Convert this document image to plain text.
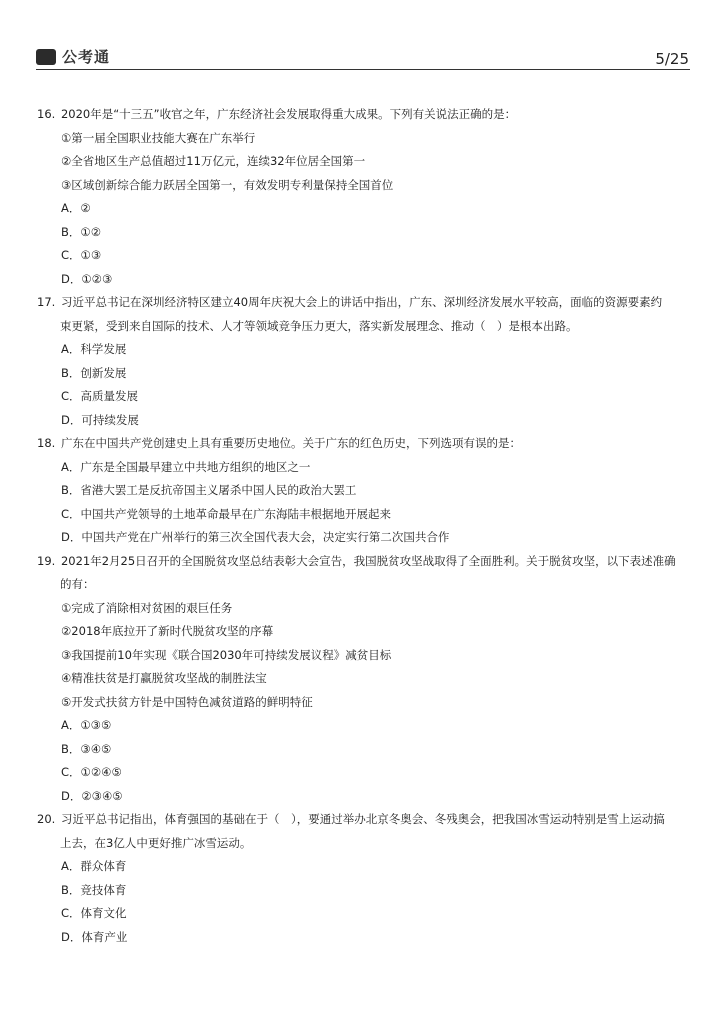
公考通	5/25
16. 2020年是“十三五”收官之年，广东经济社会发展取得重大成果。下列有关说法正确的是：
①第一届全国职业技能大赛在广东举行
②全省地区生产总值超过11万亿元，连续32年位居全国第一
③区域创新综合能力跃居全国第一，有效发明专利量保持全国首位
A．②
B．①②
C．①③
D．①②③
17. 习近平总书记在深圳经济特区建立40周年庆祝大会上的讲话中指出，广东、深圳经济发展水平较高，面临的资源要素约
束更紧，受到来自国际的技术、人才等领域竞争压力更大，落实新发展理念、推动（　）是根本出路。
A．科学发展
B．创新发展
C．高质量发展
D．可持续发展
18. 广东在中国共产党创建史上具有重要历史地位。关于广东的红色历史，下列选项有误的是：
A．广东是全国最早建立中共地方组织的地区之一
B．省港大罢工是反抗帝国主义屠杀中国人民的政治大罢工
C．中国共产党领导的土地革命最早在广东海陆丰根据地开展起来
D．中国共产党在广州举行的第三次全国代表大会，决定实行第二次国共合作
19. 2021年2月25日召开的全国脱贫攻坚总结表彰大会宣告，我国脱贫攻坚战取得了全面胜利。关于脱贫攻坚，以下表述准确
的有：
①完成了消除相对贫困的艰巨任务
②2018年底拉开了新时代脱贫攻坚的序幕
③我国提前10年实现《联合国2030年可持续发展议程》减贫目标
④精准扶贫是打赢脱贫攻坚战的制胜法宝
⑤开发式扶贫方针是中国特色减贫道路的鲜明特征
A．①③⑤
B．③④⑤
C．①②④⑤
D．②③④⑤
20. 习近平总书记指出，体育强国的基础在于（　），要通过举办北京冬奥会、冬残奥会，把我国冰雪运动特别是雪上运动搞
上去，在3亿人中更好推广冰雪运动。
A．群众体育
B．竞技体育
C．体育文化
D．体育产业
